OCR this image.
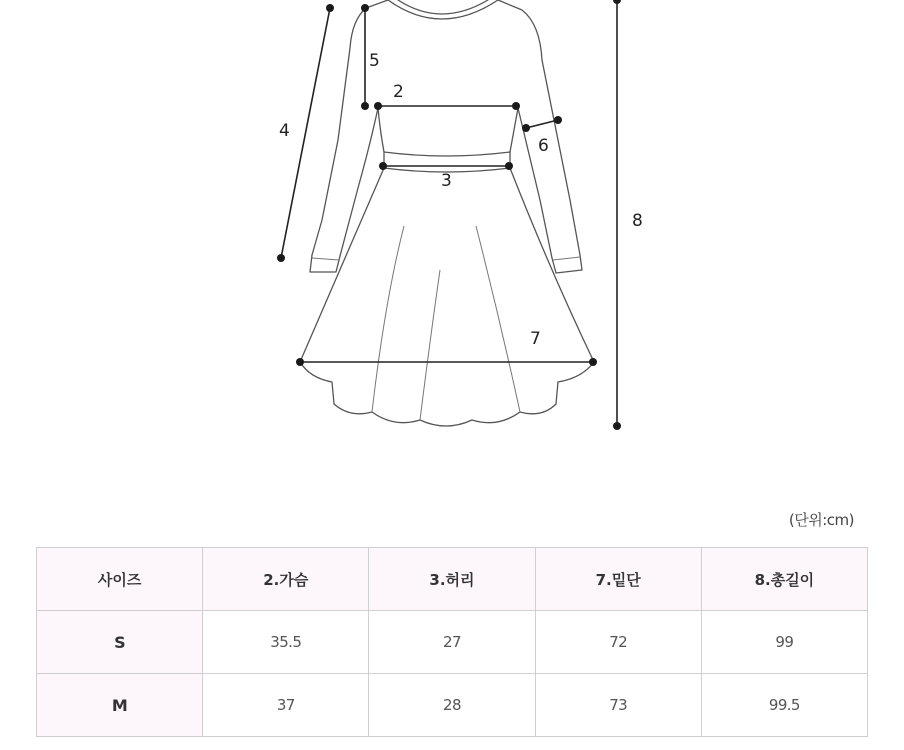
5
2
4
6
3
8
7
(단위:cm)
사이즈	2.가슴	3.허리	7.밑단	8.총길이
S	35.5	27	72	99
M	37	28	73	99.5
